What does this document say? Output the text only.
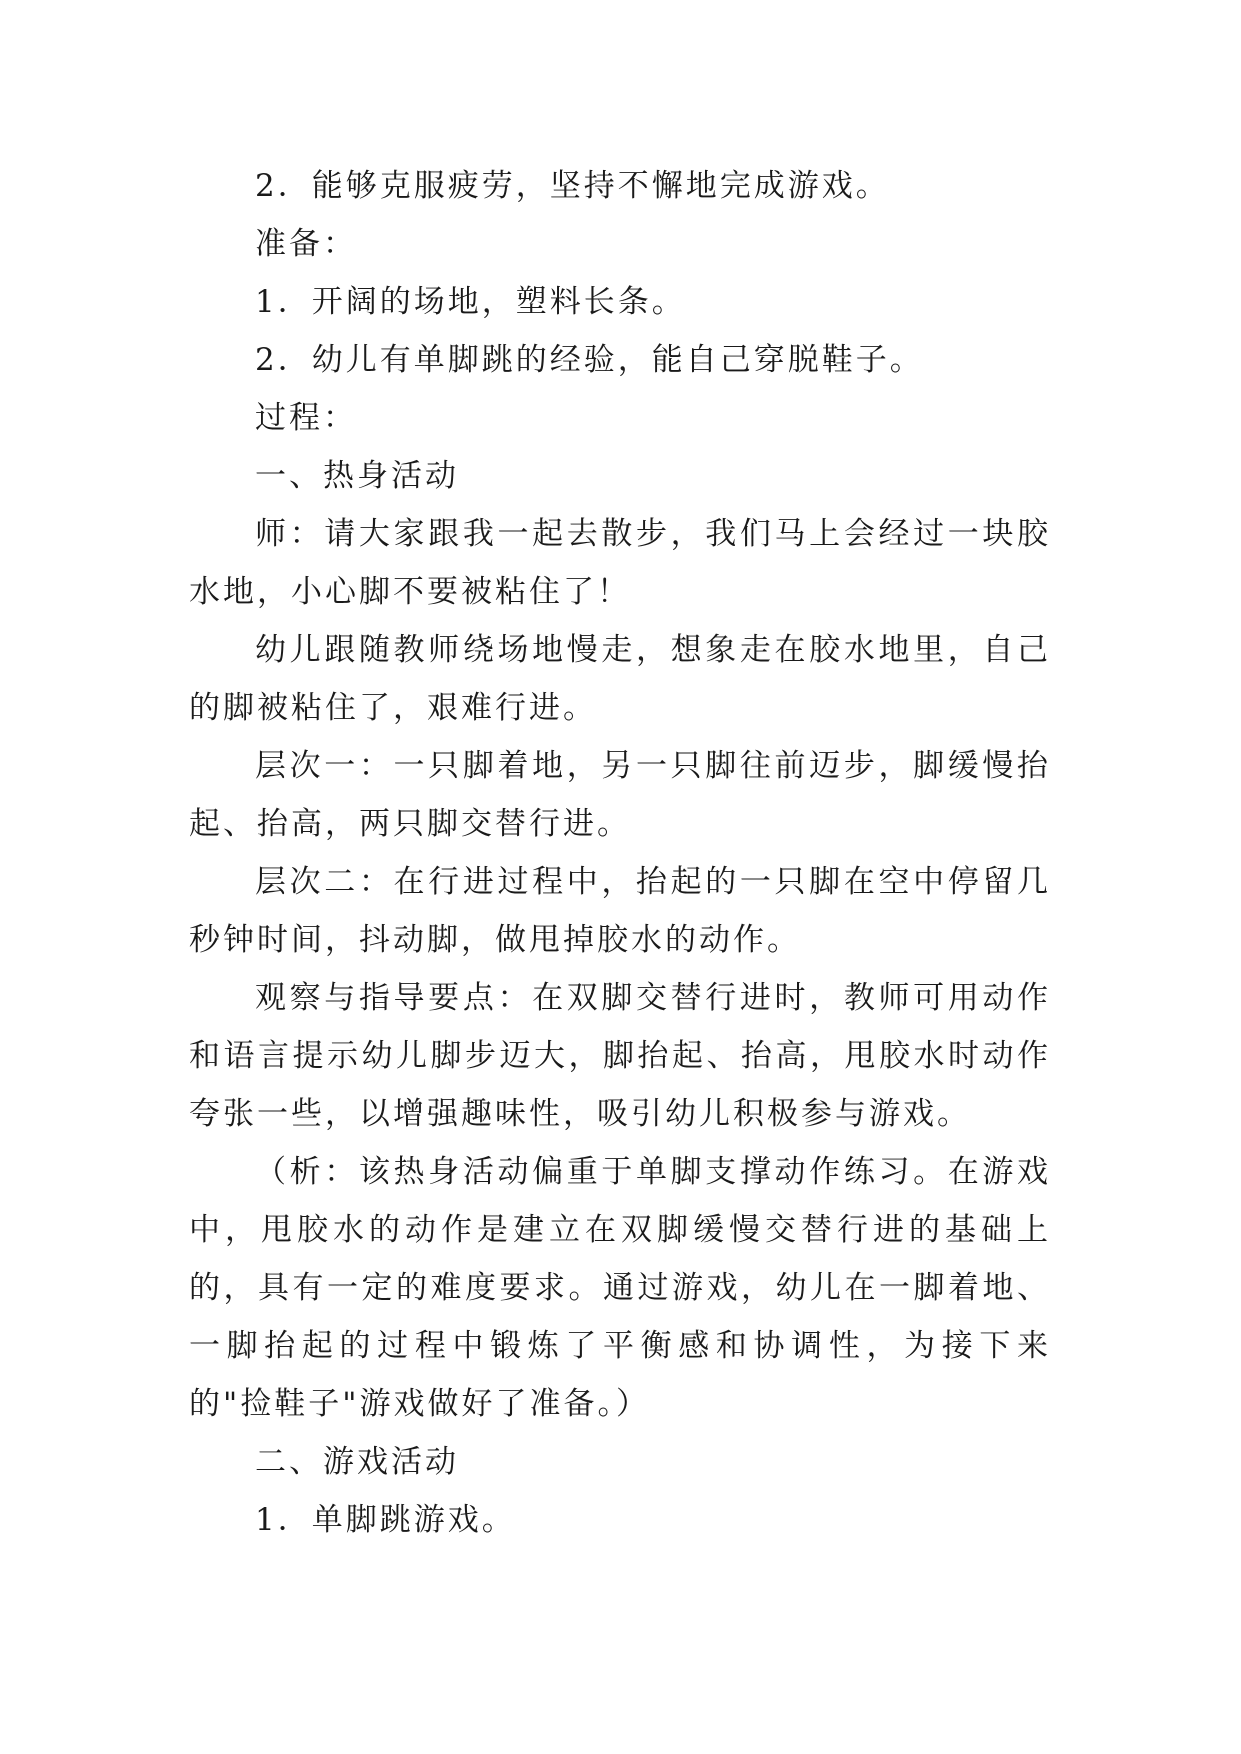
2．能够克服疲劳，坚持不懈地完成游戏。

准备：

1．开阔的场地，塑料长条。

2．幼儿有单脚跳的经验，能自己穿脱鞋子。

过程：

一、热身活动

师：请大家跟我一起去散步，我们马上会经过一块胶水地，小心脚不要被粘住了！

幼儿跟随教师绕场地慢走，想象走在胶水地里，自己的脚被粘住了，艰难行进。

层次一：一只脚着地，另一只脚往前迈步，脚缓慢抬起、抬高，两只脚交替行进。

层次二：在行进过程中，抬起的一只脚在空中停留几秒钟时间，抖动脚，做甩掉胶水的动作。

观察与指导要点：在双脚交替行进时，教师可用动作和语言提示幼儿脚步迈大，脚抬起、抬高，甩胶水时动作夸张一些，以增强趣味性，吸引幼儿积极参与游戏。

（析：该热身活动偏重于单脚支撑动作练习。在游戏中，甩胶水的动作是建立在双脚缓慢交替行进的基础上的，具有一定的难度要求。通过游戏，幼儿在一脚着地、一脚抬起的过程中锻炼了平衡感和协调性，为接下来的"捡鞋子"游戏做好了准备。）

二、游戏活动

1．单脚跳游戏。
